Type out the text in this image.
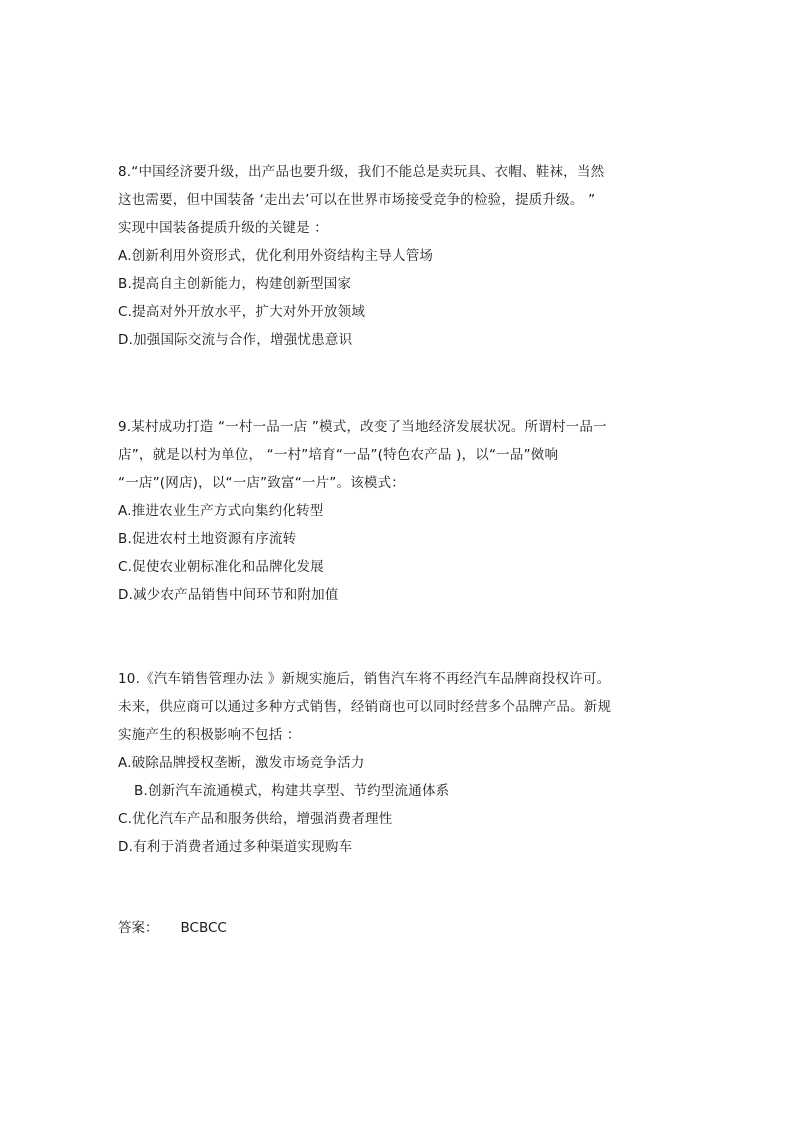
8.“中国经济要升级，出产品也要升级，我们不能总是卖玩具、衣帽、鞋袜，当然
这也需要，但中国装备 ‘走出去’可以在世界市场接受竞争的检验，提质升级。 ”
实现中国装备提质升级的关键是 ：
A.创新利用外资形式，优化利用外资结构主导人管场
B.提高自主创新能力，构建创新型国家
C.提高对外开放水平，扩大对外开放领域
D.加强国际交流与合作，增强忧患意识
9.某村成功打造 “一村一品一店 ”模式，改变了当地经济发展状况。所谓村一品一
店”，就是以村为单位， “一村”培育“一品”(特色农产品 )，以“一品”傚响
“一店”(网店)，以“一店”致富“一片”。该模式：
A.推进农业生产方式向集约化转型
B.促进农村土地资源有序流转
C.促使农业朝标准化和品牌化发展
D.减少农产品销售中间环节和附加值
10.《汽车销售管理办法 》新规实施后，销售汽车将不再经汽车品牌商投权许可。
未来，供应商可以通过多种方式销售，经销商也可以同时经营多个品牌产品。新规
实施产生的积极影响不包括 ：
A.破除品牌授权垄断，激发市场竞争活力
B.创新汽车流通模式，构建共享型、节约型流通体系
C.优化汽车产品和服务供给，增强消费者理性
D.有利于消费者通过多种渠道实现购车
答案： BCBCC
